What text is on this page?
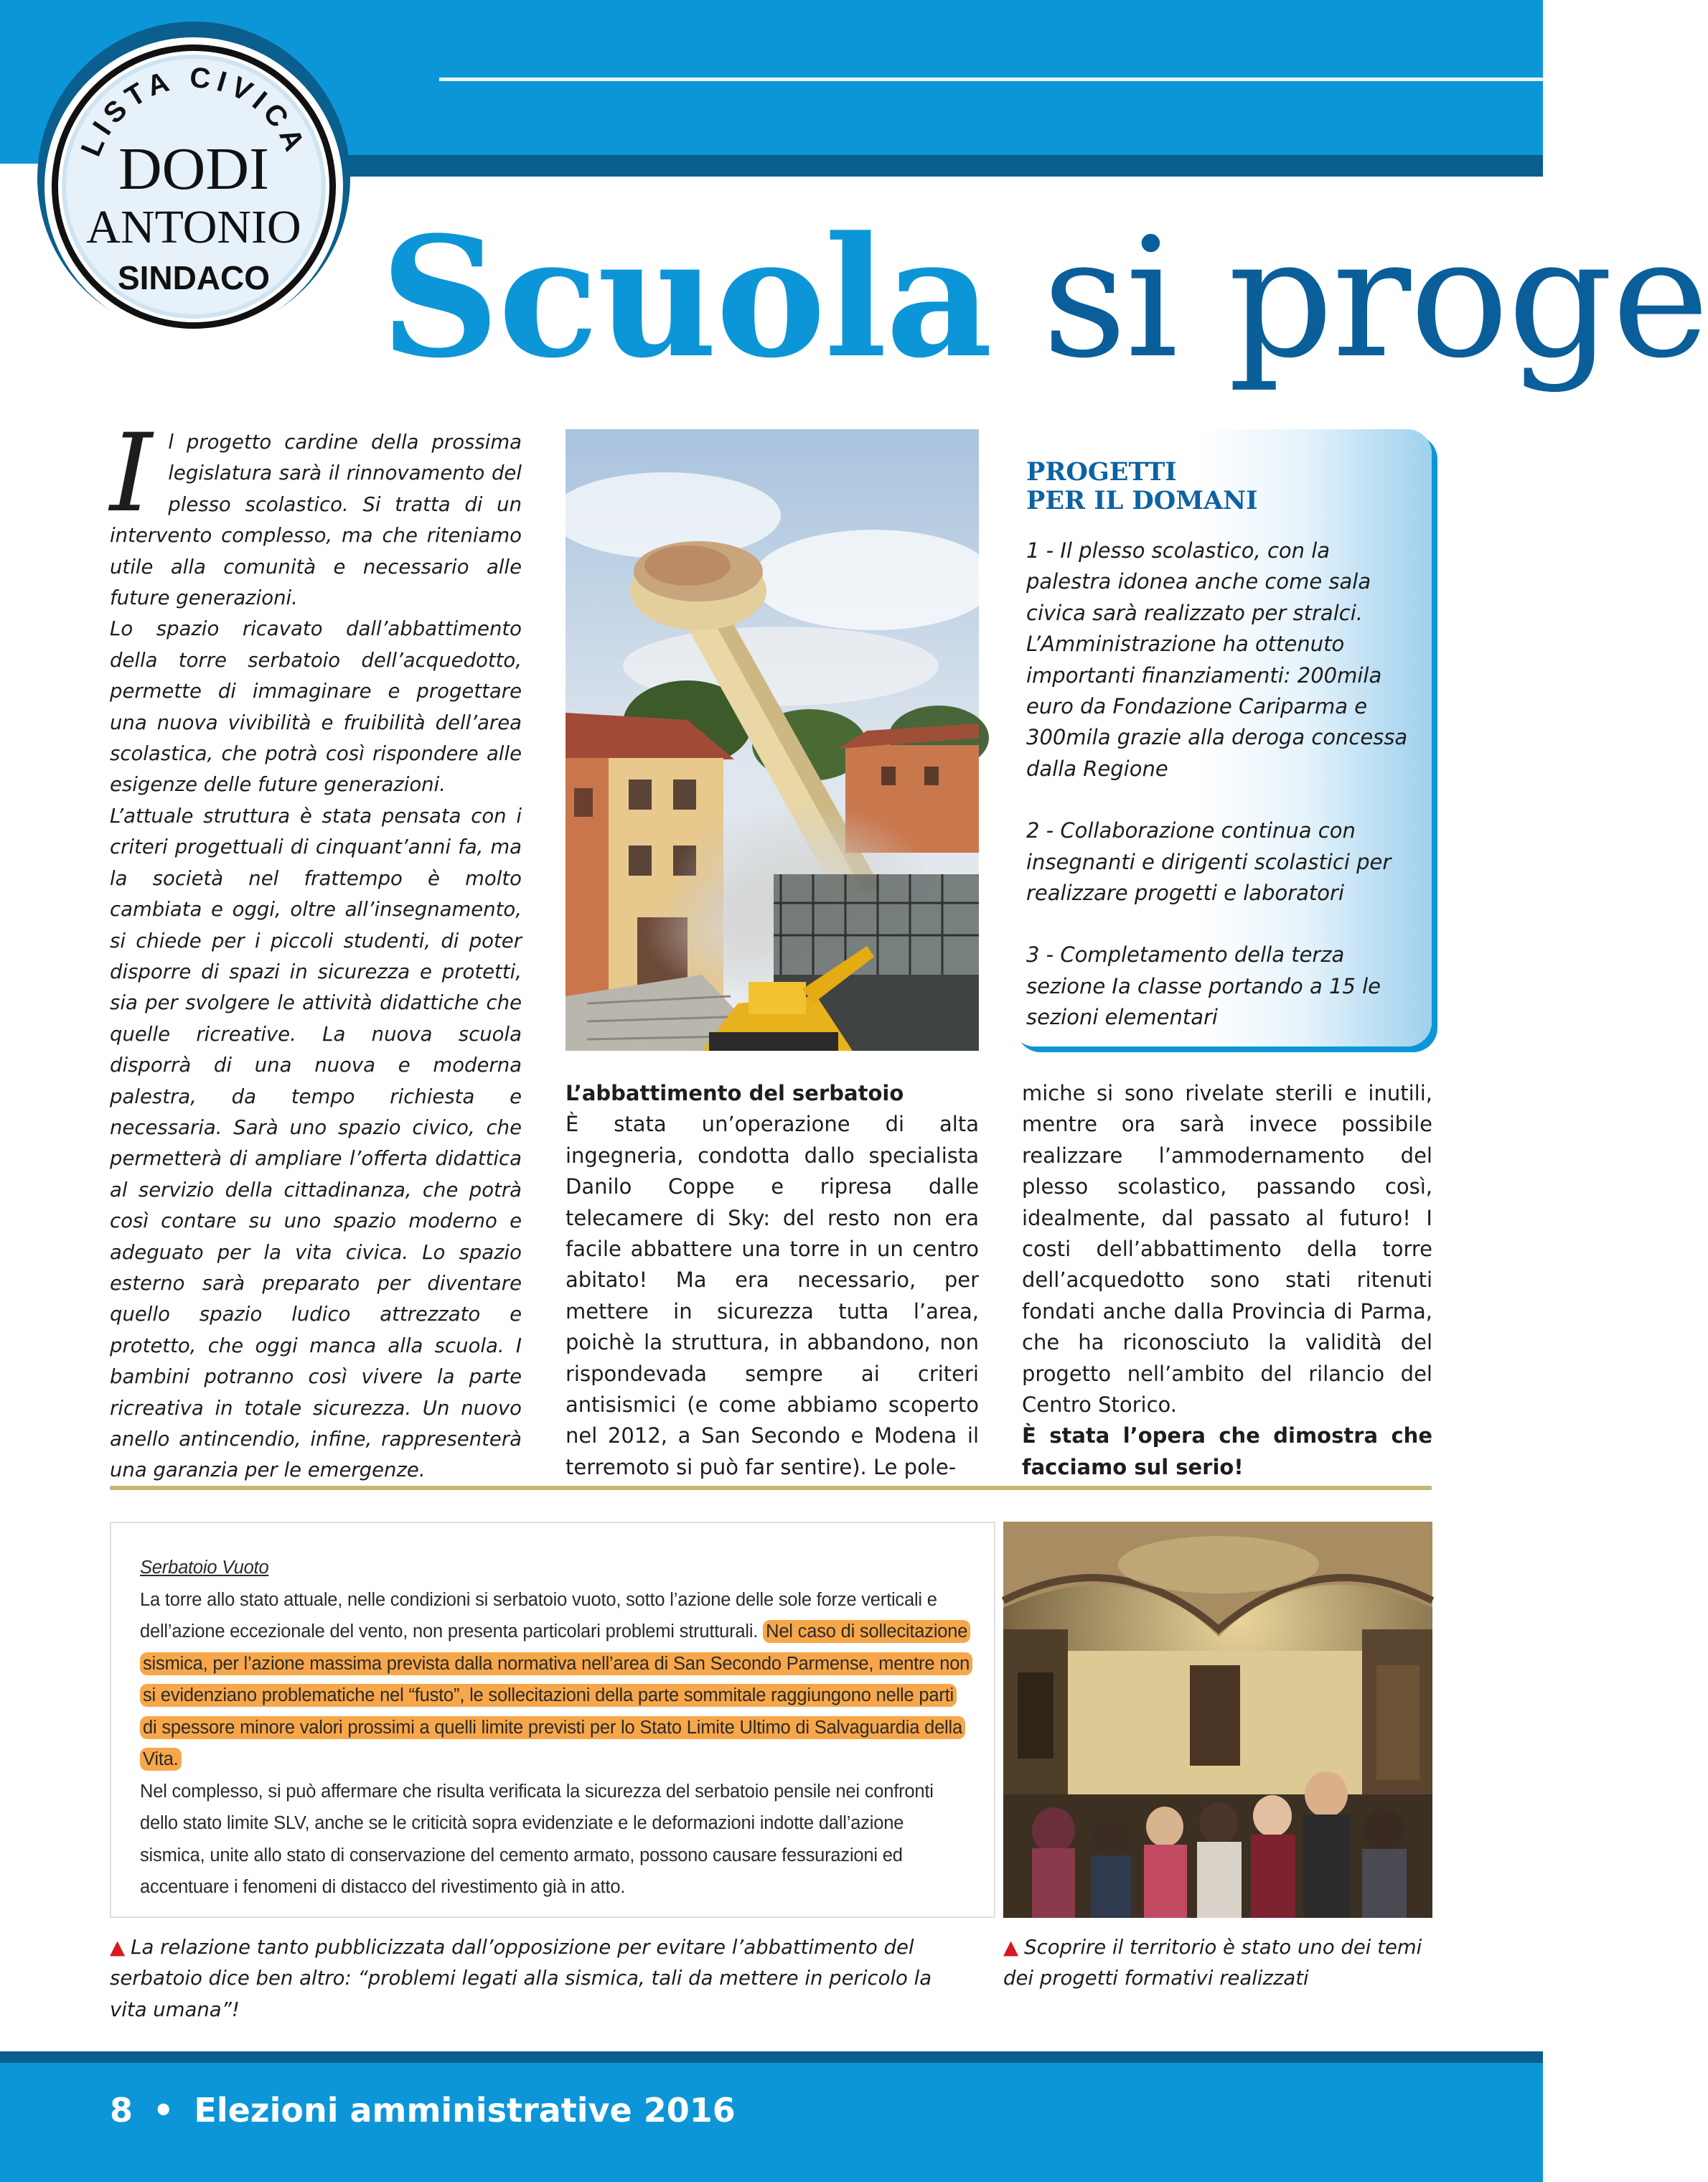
LISTA CIVICA
DODI
ANTONIO
SINDACO Scuola si proge

Il progetto cardine della prossima legislatura sarà il rinnovamento del plesso scolastico. Si tratta di un intervento complesso, ma che riteniamo utile alla comunità e necessario alle future generazioni.

Lo spazio ricavato dall’abbattimento della torre serbatoio dell’acquedotto, permette di immaginare e progettare una nuova vivibilità e fruibilità dell’area scolastica, che potrà così rispondere alle esigenze delle future generazioni.

L’attuale struttura è stata pensata con i criteri progettuali di cinquant’anni fa, ma la società nel frattempo è molto cambiata e oggi, oltre all’insegnamento, si chiede per i piccoli studenti, di poter disporre di spazi in sicurezza e protetti, sia per svolgere le attività didattiche che quelle ricreative. La nuova scuola disporrà di una nuova e moderna palestra, da tempo richiesta e necessaria. Sarà uno spazio civico, che permetterà di ampliare l’offerta didattica al servizio della cittadinanza, che potrà così contare su uno spazio moderno e adeguato per la vita civica. Lo spazio esterno sarà preparato per diventare quello spazio ludico attrezzato e protetto, che oggi manca alla scuola. I bambini potranno così vivere la parte ricreativa in totale sicurezza. Un nuovo anello antincendio, infine, rappresenterà una garanzia per le emergenze.

L’abbattimento del serbatoio

È stata un’operazione di alta ingegneria, condotta dallo specialista Danilo Coppe e ripresa dalle telecamere di Sky: del resto non era facile abbattere una torre in un centro abitato! Ma era necessario, per mettere in sicurezza tutta l’area, poichè la struttura, in abbandono, non rispondevada sempre ai criteri antisismici (e come abbiamo scoperto nel 2012, a San Secondo e Modena il terremoto si può far sentire). Le pole-

PROGETTI
PER IL DOMANI

1 - Il plesso scolastico, con la palestra idonea anche come sala civica sarà realizzato per stralci. L’Amministrazione ha ottenuto importanti finanziamenti: 200mila euro da Fondazione Cariparma e 300mila grazie alla deroga concessa dalla Regione

2 - Collaborazione continua con insegnanti e dirigenti scolastici per realizzare progetti e laboratori

3 - Completamento della terza sezione Ia classe portando a 15 le sezioni elementari

miche si sono rivelate sterili e inutili, mentre ora sarà invece possibile realizzare l’ammodernamento del plesso scolastico, passando così, idealmente, dal passato al futuro! I costi dell’abbattimento della torre dell’acquedotto sono stati ritenuti fondati anche dalla Provincia di Parma, che ha riconosciuto la validità del progetto nell’ambito del rilancio del Centro Storico.

È stata l’opera che dimostra che facciamo sul serio!

Serbatoio Vuoto
La torre allo stato attuale, nelle condizioni si serbatoio vuoto, sotto l’azione delle sole forze verticali e dell’azione eccezionale del vento, non presenta particolari problemi strutturali. Nel caso di sollecitazione sismica, per l’azione massima prevista dalla normativa nell’area di San Secondo Parmense, mentre non si evidenziano problematiche nel “fusto”, le sollecitazioni della parte sommitale raggiungono nelle parti di spessore minore valori prossimi a quelli limite previsti per lo Stato Limite Ultimo di Salvaguardia della Vita.
Nel complesso, si può affermare che risulta verificata la sicurezza del serbatoio pensile nei confronti dello stato limite SLV, anche se le criticità sopra evidenziate e le deformazioni indotte dall’azione sismica, unite allo stato di conservazione del cemento armato, possono causare fessurazioni ed accentuare i fenomeni di distacco del rivestimento già in atto.
▲ La relazione tanto pubblicizzata dall’opposizione per evitare l’abbattimento del serbatoio dice ben altro: “problemi legati alla sismica, tali da mettere in pericolo la vita umana”!
▲ Scoprire il territorio è stato uno dei temi dei progetti formativi realizzati
8 • Elezioni amministrative 2016
